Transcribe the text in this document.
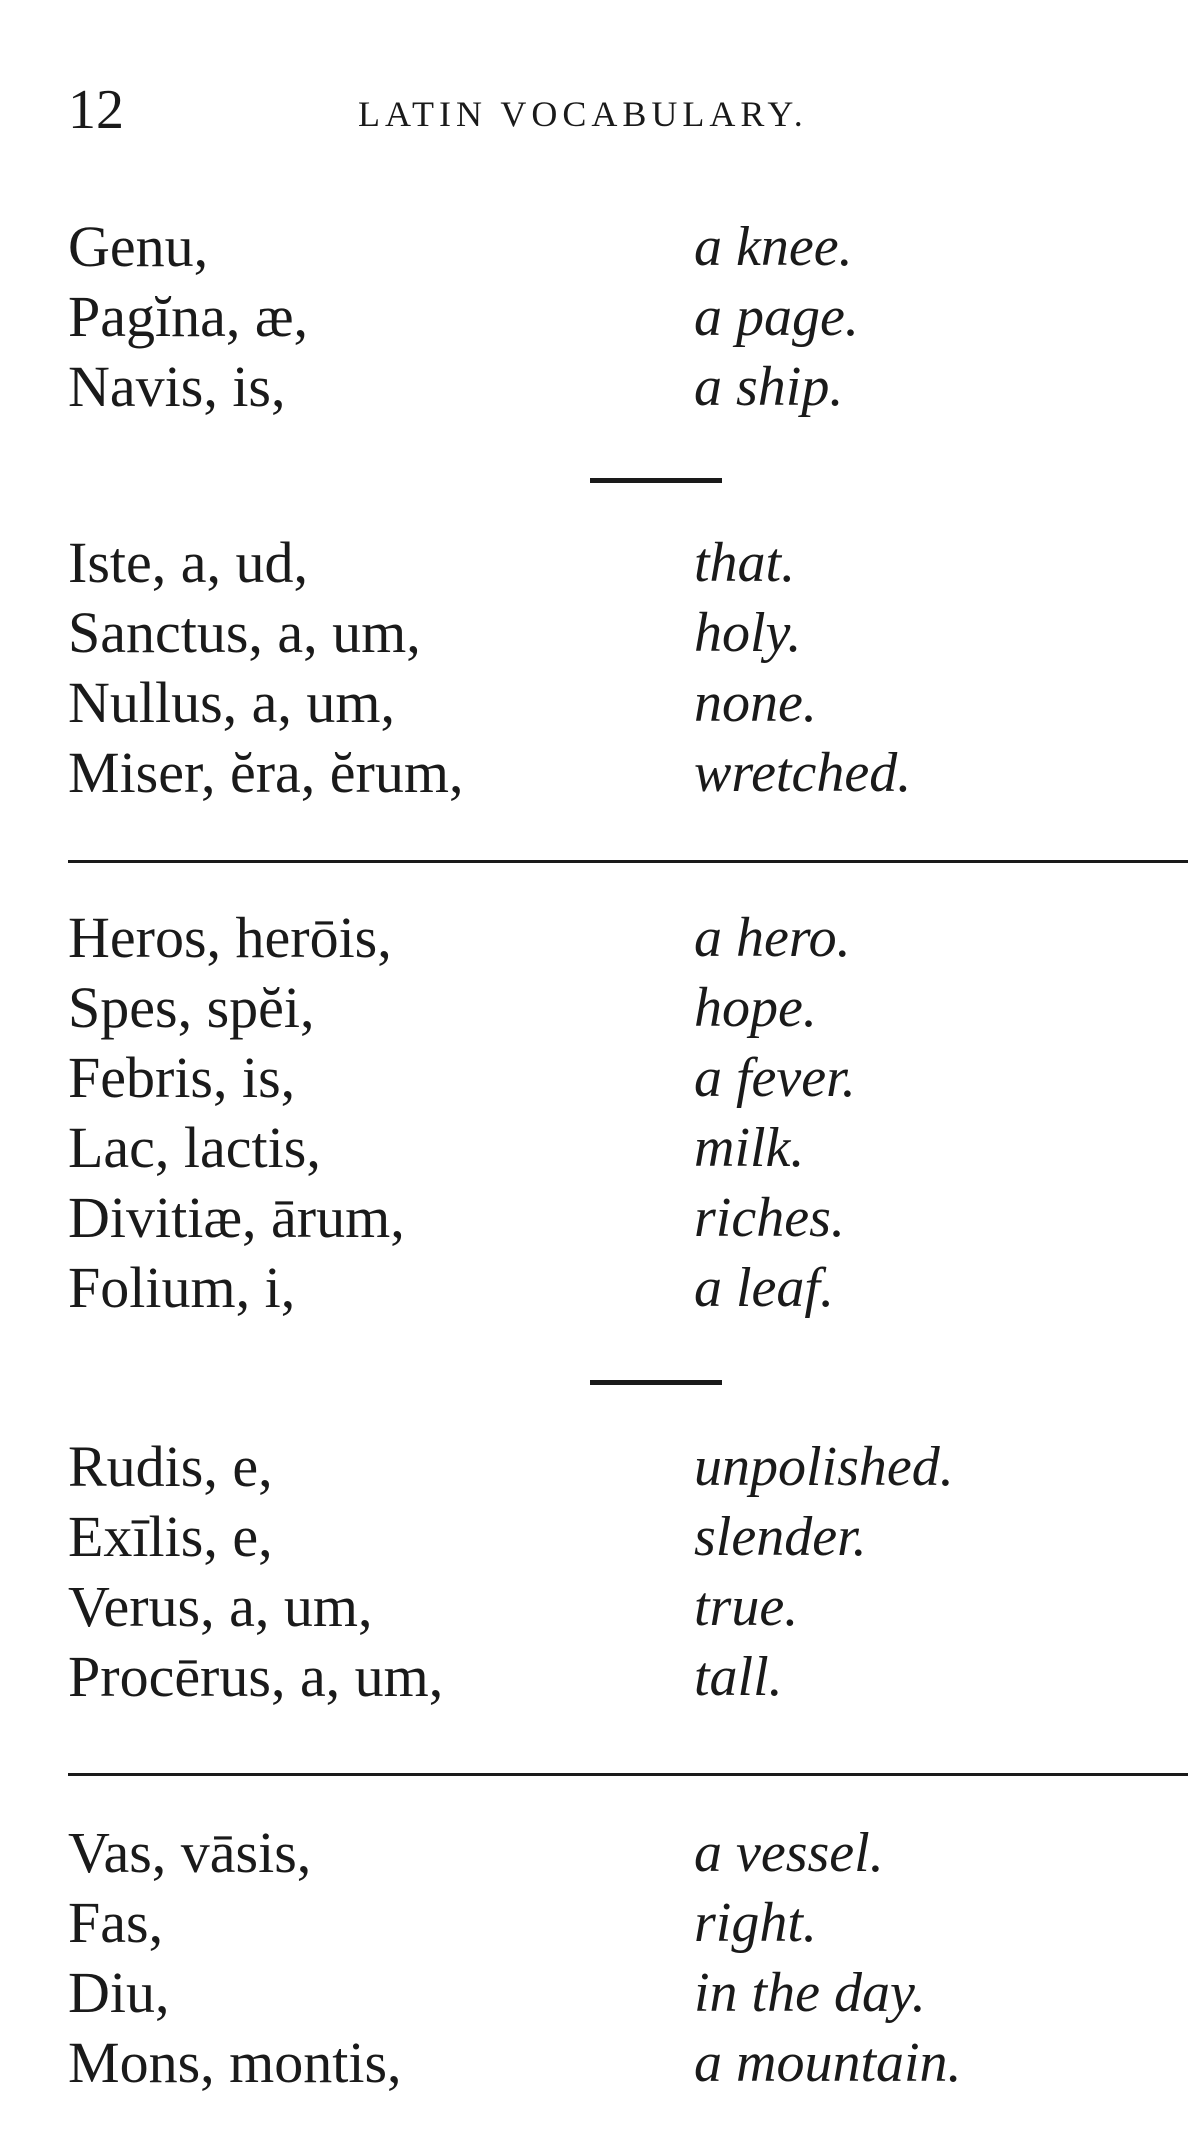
12	LATIN VOCABULARY.
Genu,	a knee.
Pagĭna, æ,	a page.
Navis, is,	a ship.
Iste, a, ud,	that.
Sanctus, a, um,	holy.
Nullus, a, um,	none.
Miser, ĕra, ĕrum,	wretched.
Heros, herōis,	a hero.
Spes, spĕi,	hope.
Febris, is,	a fever.
Lac, lactis,	milk.
Divitiæ, ārum,	riches.
Folium, i,	a leaf.
Rudis, e,	unpolished.
Exīlis, e,	slender.
Verus, a, um,	true.
Procērus, a, um,	tall.
Vas, vāsis,	a vessel.
Fas,	right.
Diu,	in the day.
Mons, montis,	a mountain.
